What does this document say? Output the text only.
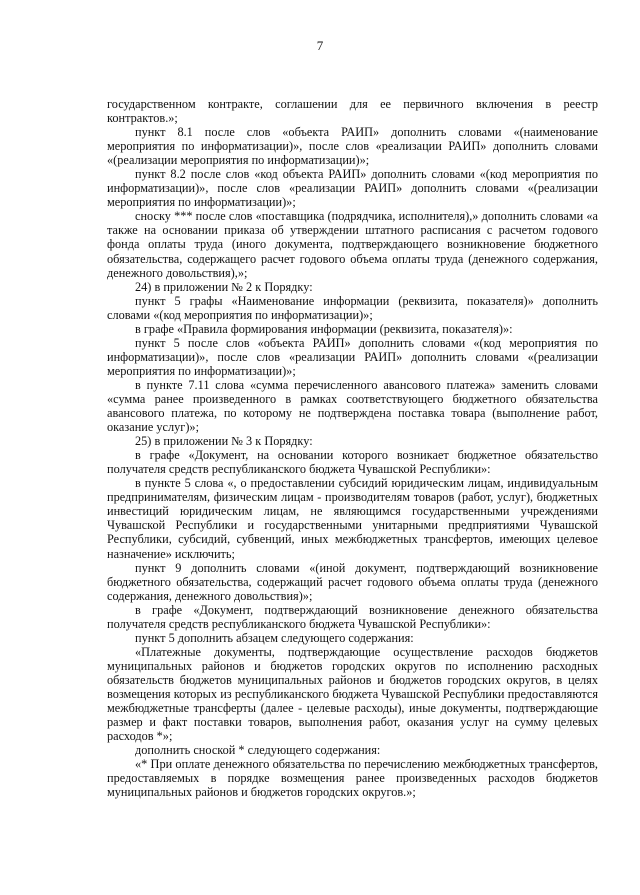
7

государственном контракте, соглашении для ее первичного включения в реестр контрактов.»;

пункт 8.1 после слов «объекта РАИП» дополнить словами «(наименование мероприятия по информатизации)», после слов «реализации РАИП» дополнить словами «(реализации мероприятия по информатизации)»;

пункт 8.2 после слов «код объекта РАИП» дополнить словами «(код мероприятия по информатизации)», после слов «реализации РАИП» дополнить словами «(реализации мероприятия по информатизации)»;

сноску *** после слов «поставщика (подрядчика, исполнителя),» дополнить словами «а также на основании приказа об утверждении штатного расписания с расчетом годового фонда оплаты труда (иного документа, подтверждающего возникновение бюджетного обязательства, содержащего расчет годового объема оплаты труда (денежного содержания, денежного довольствия),»;

24) в приложении № 2 к Порядку:

пункт 5 графы «Наименование информации (реквизита, показателя)» дополнить словами «(код мероприятия по информатизации)»;

в графе «Правила формирования информации (реквизита, показателя)»:

пункт 5 после слов «объекта РАИП» дополнить словами «(код мероприятия по информатизации)», после слов «реализации РАИП» дополнить словами «(реализации мероприятия по информатизации)»;

в пункте 7.11 слова «сумма перечисленного авансового платежа» заменить словами «сумма ранее произведенного в рамках соответствующего бюджетного обязательства авансового платежа, по которому не подтверждена поставка товара (выполнение работ, оказание услуг)»;

25) в приложении № 3 к Порядку:

в графе «Документ, на основании которого возникает бюджетное обязательство получателя средств республиканского бюджета Чувашской Республики»:

в пункте 5 слова «, о предоставлении субсидий юридическим лицам, индивидуальным предпринимателям, физическим лицам - производителям товаров (работ, услуг), бюджетных инвестиций юридическим лицам, не являющимся государственными учреждениями Чувашской Республики и государственными унитарными предприятиями Чувашской Республики, субсидий, субвенций, иных межбюджетных трансфертов, имеющих целевое назначение» исключить;

пункт 9 дополнить словами «(иной документ, подтверждающий возникновение бюджетного обязательства, содержащий расчет годового объема оплаты труда (денежного содержания, денежного довольствия)»;

в графе «Документ, подтверждающий возникновение денежного обязательства получателя средств республиканского бюджета Чувашской Республики»:

пункт 5 дополнить абзацем следующего содержания:

«Платежные документы, подтверждающие осуществление расходов бюджетов муниципальных районов и бюджетов городских округов по исполнению расходных обязательств бюджетов муниципальных районов и бюджетов городских округов, в целях возмещения которых из республиканского бюджета Чувашской Республики предоставляются межбюджетные трансферты (далее - целевые расходы), иные документы, подтверждающие размер и факт поставки товаров, выполнения работ, оказания услуг на сумму целевых расходов *»;

дополнить сноской * следующего содержания:

«* При оплате денежного обязательства по перечислению межбюджетных трансфертов, предоставляемых в порядке возмещения ранее произведенных расходов бюджетов муниципальных районов и бюджетов городских округов.»;
